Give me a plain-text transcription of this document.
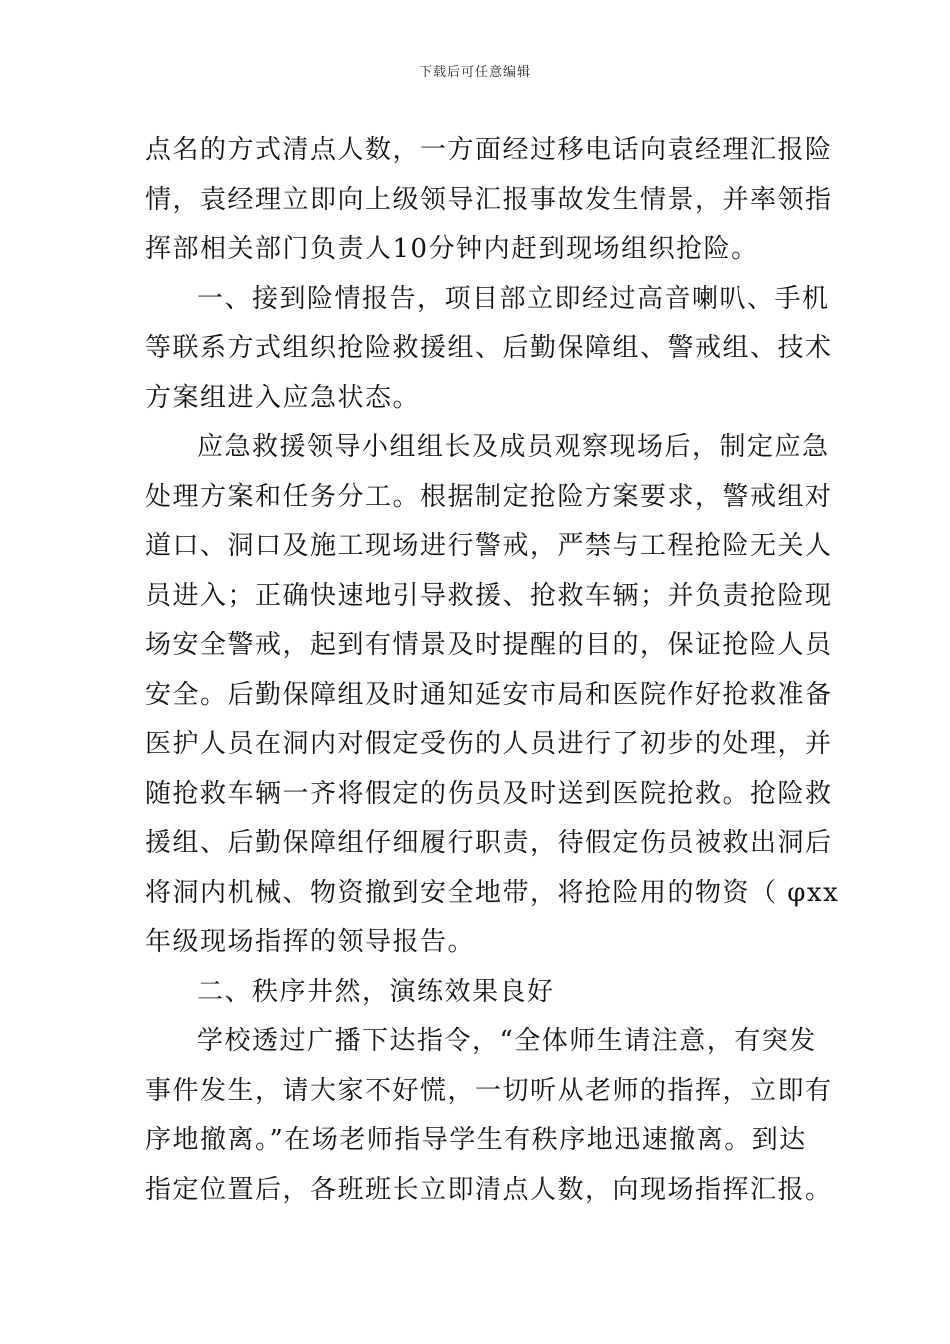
下载后可任意编辑
点名的方式清点人数，一方面经过移电话向袁经理汇报险
情，袁经理立即向上级领导汇报事故发生情景，并率领指
挥部相关部门负责人10分钟内赶到现场组织抢险。
一、接到险情报告，项目部立即经过高音喇叭、手机
等联系方式组织抢险救援组、后勤保障组、警戒组、技术
方案组进入应急状态。
应急救援领导小组组长及成员观察现场后，制定应急
处理方案和任务分工。根据制定抢险方案要求，警戒组对
道口、洞口及施工现场进行警戒，严禁与工程抢险无关人
员进入；正确快速地引导救援、抢救车辆；并负责抢险现
场安全警戒，起到有情景及时提醒的目的，保证抢险人员
安全。后勤保障组及时通知延安市局和医院作好抢救准备
医护人员在洞内对假定受伤的人员进行了初步的处理，并
随抢救车辆一齐将假定的伤员及时送到医院抢救。抢险救
援组、后勤保障组仔细履行职责，待假定伤员被救出洞后
将洞内机械、物资撤到安全地带，将抢险用的物资（ φxx
年级现场指挥的领导报告。
二、秩序井然，演练效果良好
学校透过广播下达指令，“全体师生请注意，有突发
事件发生，请大家不好慌，一切听从老师的指挥，立即有
序地撤离。”在场老师指导学生有秩序地迅速撤离。到达
指定位置后，各班班长立即清点人数，向现场指挥汇报。
